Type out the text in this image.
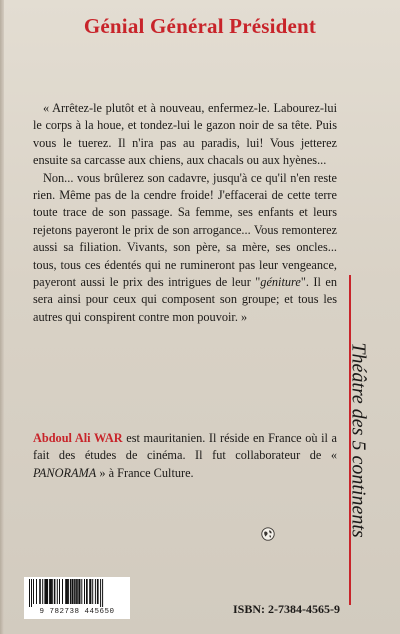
Génial Général Président

« Arrêtez-le plutôt et à nouveau, enfermez-le. Labourez-lui le corps à la houe, et tondez-lui le gazon noir de sa tête. Puis vous le tuerez. Il n'ira pas au paradis, lui! Vous jetterez ensuite sa carcasse aux chiens, aux chacals ou aux hyènes...

Non... vous brûlerez son cadavre, jusqu'à ce qu'il n'en reste rien. Même pas de la cendre froide! J'effacerai de cette terre toute trace de son passage. Sa femme, ses enfants et leurs rejetons payeront le prix de son arrogance... Vous remonterez aussi sa filiation. Vivants, son père, sa mère, ses oncles... tous, tous ces édentés qui ne rumineront pas leur vengeance, payeront aussi le prix des intrigues de leur "géniture". Il en sera ainsi pour ceux qui composent son groupe; et tous les autres qui conspirent contre mon pouvoir. »

Abdoul Ali WAR est mauritanien. Il réside en France où il a fait des études de cinéma. Il fut collaborateur de « PANORAMA » à France Culture.	Théâtre des 5 continents
9 782738 445650	ISBN: 2-7384-4565-9
